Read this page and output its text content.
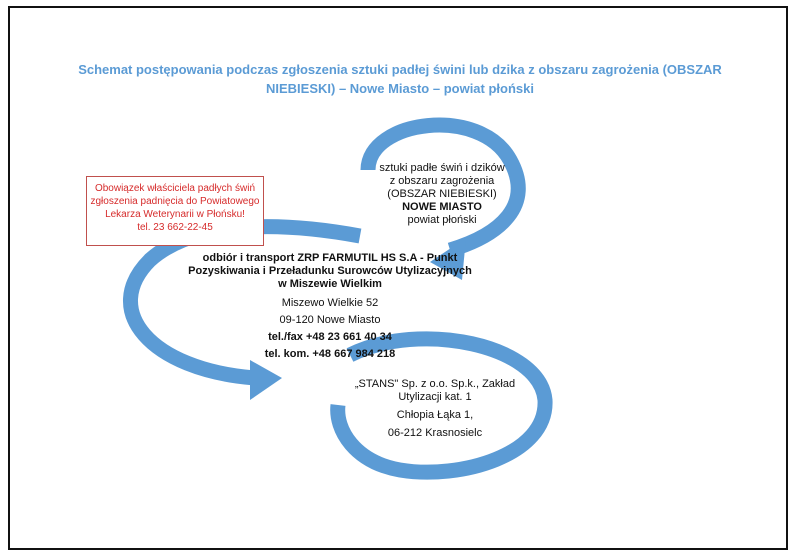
Schemat postępowania podczas zgłoszenia sztuki padłej świni lub dzika z obszaru zagrożenia (OBSZAR NIEBIESKI) – Nowe Miasto – powiat płoński
sztuki padłe świń i dzików
z obszaru zagrożenia
(OBSZAR NIEBIESKI)
NOWE MIASTO
powiat płoński
Obowiązek właściciela padłych świń
zgłoszenia padnięcia do Powiatowego
Lekarza Weterynarii w Płońsku!
tel. 23 662-22-45
odbiór i transport ZRP FARMUTIL HS S.A - Punkt
Pozyskiwania i Przeładunku Surowców Utylizacyjnych
w Miszewie Wielkim
Miszewo Wielkie 52
09-120 Nowe Miasto
tel./fax +48 23 661 40 34
tel. kom. +48 667 984 218
„STANS" Sp. z o.o. Sp.k., Zakład
Utylizacji kat. 1
Chłopia Łąka 1,
06-212 Krasnosielc
